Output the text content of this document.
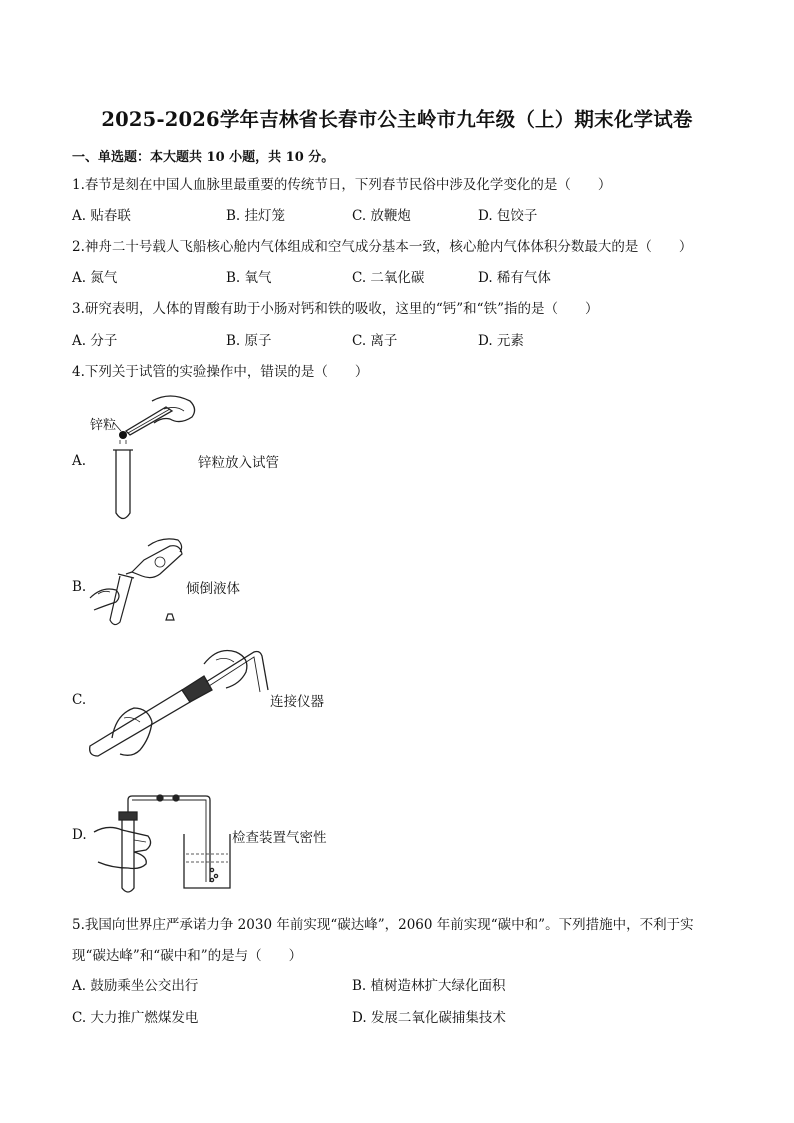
2025-2026学年吉林省长春市公主岭市九年级（上）期末化学试卷
一、单选题：本大题共 10 小题，共 10 分。
1.春节是刻在中国人血脉里最重要的传统节日，下列春节民俗中涉及化学变化的是（　　）
A. 贴春联	B. 挂灯笼	C. 放鞭炮	D. 包饺子
2.神舟二十号载人飞船核心舱内气体组成和空气成分基本一致，核心舱内气体体积分数最大的是（　　）
A. 氮气	B. 氧气	C. 二氧化碳	D. 稀有气体
3.研究表明，人体的胃酸有助于小肠对钙和铁的吸收，这里的“钙”和“铁”指的是（　　）
A. 分子	B. 原子	C. 离子	D. 元素
4.下列关于试管的实验操作中，错误的是（　　）
A.	锌粒放入试管
锌粒
B.	倾倒液体
C.	连接仪器
D.	检查装置气密性
5.我国向世界庄严承诺力争 2030 年前实现“碳达峰”，2060 年前实现“碳中和”。下列措施中，不利于实现“碳达峰”和“碳中和”的是与（　　）
A. 鼓励乘坐公交出行	B. 植树造林扩大绿化面积
C. 大力推广燃煤发电	D. 发展二氧化碳捕集技术
